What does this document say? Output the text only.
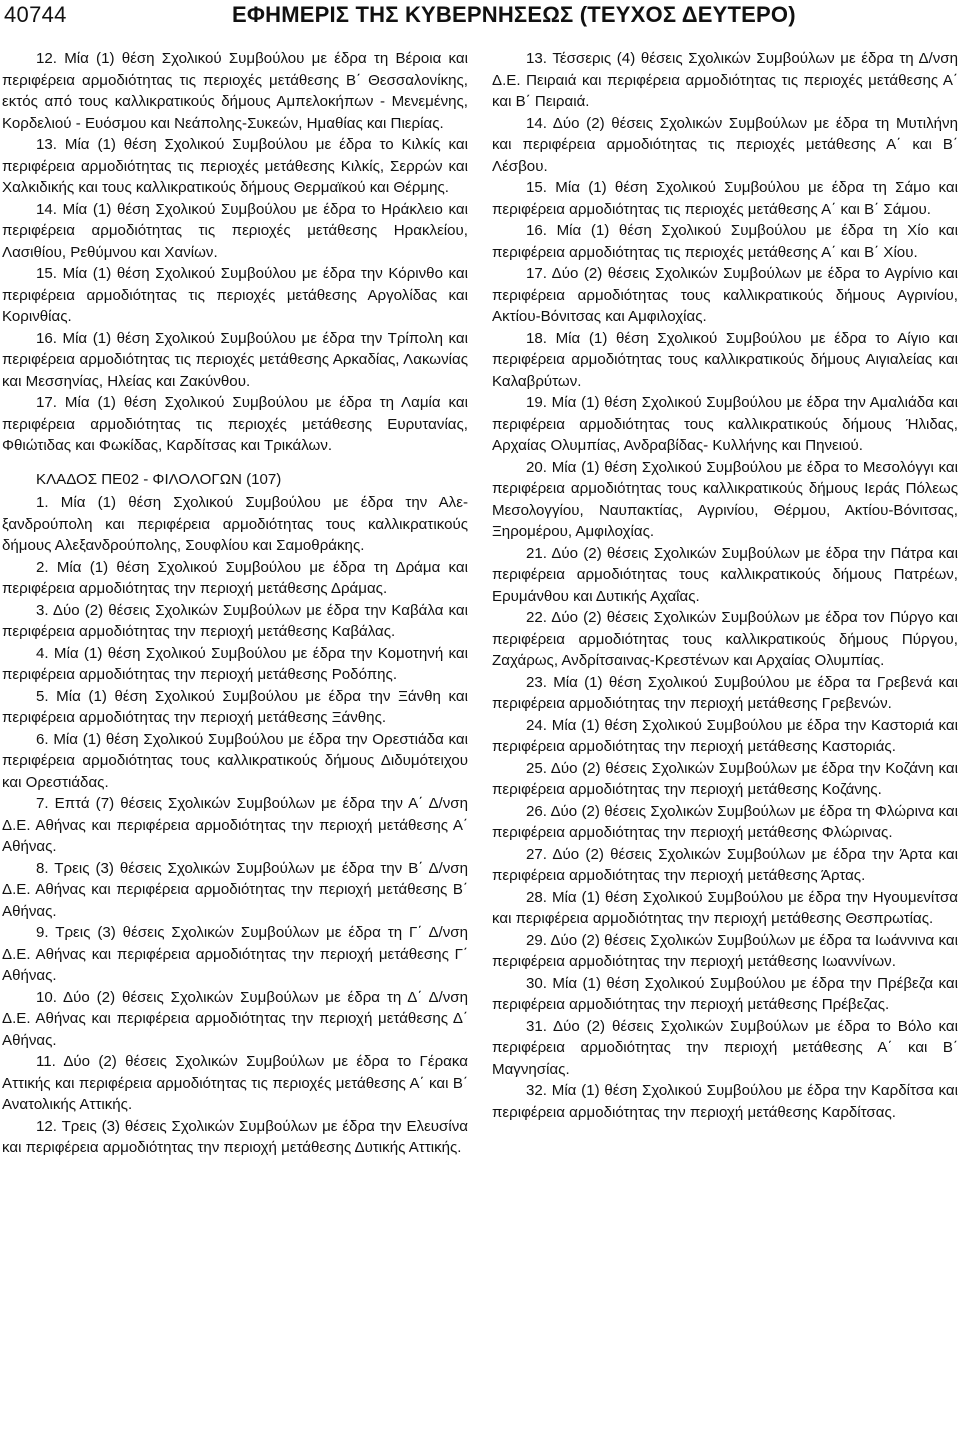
40744	ΕΦΗΜΕΡΙΣ ΤΗΣ ΚΥΒΕΡΝΗΣΕΩΣ (ΤΕΥΧΟΣ ΔΕΥΤΕΡΟ)

12. Μία (1) θέση Σχολικού Συμβούλου με έδρα τη Βέροια και περιφέρεια αρμοδιότητας τις περιοχές μετάθεσης Β΄ Θεσσαλονίκης, εκτός από τους καλλικρατικούς δήμους Αμπελοκήπων ‑ Μενεμένης, Κορδελιού ‑ Ευόσμου και Νεάπολης‑Συκεών, Ημαθίας και Πιερίας.

13. Μία (1) θέση Σχολικού Συμβούλου με έδρα το Κιλκίς και περιφέρεια αρμοδιότητας τις περιοχές μετάθεσης Κιλκίς, Σερρών και Χαλκιδικής και τους καλλικρατικούς δήμους Θερμαϊκού και Θέρμης.

14. Μία (1) θέση Σχολικού Συμβούλου με έδρα το Ηράκλειο και περιφέρεια αρμοδιότητας τις περιοχές μετάθεσης Ηρακλείου, Λασιθίου, Ρεθύμνου και Χανίων.

15. Μία (1) θέση Σχολικού Συμβούλου με έδρα την Κόρινθο και περιφέρεια αρμοδιότητας τις περιοχές μετάθεσης Αργολίδας και Κορινθίας.

16. Μία (1) θέση Σχολικού Συμβούλου με έδρα την Τρίπολη και περιφέρεια αρμοδιότητας τις περιοχές μετάθεσης Αρκαδίας, Λακωνίας και Μεσσηνίας, Ηλείας και Ζακύνθου.

17. Μία (1) θέση Σχολικού Συμβούλου με έδρα τη Λαμία και περιφέρεια αρμοδιότητας τις περιοχές μετάθεσης Ευρυτανίας, Φθιώτιδας και Φωκίδας, Καρδίτσας και Τρικάλων.

ΚΛΑΔΟΣ ΠΕ02 ‑ ΦΙΛΟΛΟΓΩΝ (107)

1. Μία (1) θέση Σχολικού Συμβούλου με έδρα την Αλεξανδρούπολη και περιφέρεια αρμοδιότητας τους καλλικρατικούς δήμους Αλεξανδρούπολης, Σουφλίου και Σαμοθράκης.

2. Μία (1) θέση Σχολικού Συμβούλου με έδρα τη Δράμα και περιφέρεια αρμοδιότητας την περιοχή μετάθεσης Δράμας.

3. Δύο (2) θέσεις Σχολικών Συμβούλων με έδρα την Καβάλα και περιφέρεια αρμοδιότητας την περιοχή μετάθεσης Καβάλας.

4. Μία (1) θέση Σχολικού Συμβούλου με έδρα την Κομοτηνή και περιφέρεια αρμοδιότητας την περιοχή μετάθεσης Ροδόπης.

5. Μία (1) θέση Σχολικού Συμβούλου με έδρα την Ξάνθη και περιφέρεια αρμοδιότητας την περιοχή μετάθεσης Ξάνθης.

6. Μία (1) θέση Σχολικού Συμβούλου με έδρα την Ορεστιάδα και περιφέρεια αρμοδιότητας τους καλλικρατικούς δήμους Διδυμότειχου και Ορεστιάδας.

7. Επτά (7) θέσεις Σχολικών Συμβούλων με έδρα την Α΄ Δ/νση Δ.Ε. Αθήνας και περιφέρεια αρμοδιότητας την περιοχή μετάθεσης Α΄ Αθήνας.

8. Τρεις (3) θέσεις Σχολικών Συμβούλων με έδρα την Β΄ Δ/νση Δ.Ε. Αθήνας και περιφέρεια αρμοδιότητας την περιοχή μετάθεσης Β΄ Αθήνας.

9. Τρεις (3) θέσεις Σχολικών Συμβούλων με έδρα τη Γ΄ Δ/νση Δ.Ε. Αθήνας και περιφέρεια αρμοδιότητας την περιοχή μετάθεσης Γ΄ Αθήνας.

10. Δύο (2) θέσεις Σχολικών Συμβούλων με έδρα τη Δ΄ Δ/νση Δ.Ε. Αθήνας και περιφέρεια αρμοδιότητας την περιοχή μετάθεσης Δ΄ Αθήνας.

11. Δύο (2) θέσεις Σχολικών Συμβούλων με έδρα το Γέρακα Αττικής και περιφέρεια αρμοδιότητας τις περιοχές μετάθεσης Α΄ και Β΄ Ανατολικής Αττικής.

12. Τρεις (3) θέσεις Σχολικών Συμβούλων με έδρα την Ελευσίνα και περιφέρεια αρμοδιότητας την περιοχή μετάθεσης Δυτικής Αττικής.

13. Τέσσερις (4) θέσεις Σχολικών Συμβούλων με έδρα τη Δ/νση Δ.Ε. Πειραιά και περιφέρεια αρμοδιότητας τις περιοχές μετάθεσης Α΄ και Β΄ Πειραιά.

14. Δύο (2) θέσεις Σχολικών Συμβούλων με έδρα τη Μυτιλήνη και περιφέρεια αρμοδιότητας τις περιοχές μετάθεσης Α΄ και Β΄ Λέσβου.

15. Μία (1) θέση Σχολικού Συμβούλου με έδρα τη Σάμο και περιφέρεια αρμοδιότητας τις περιοχές μετάθεσης Α΄ και Β΄ Σάμου.

16. Μία (1) θέση Σχολικού Συμβούλου με έδρα τη Χίο και περιφέρεια αρμοδιότητας τις περιοχές μετάθεσης Α΄ και Β΄ Χίου.

17. Δύο (2) θέσεις Σχολικών Συμβούλων με έδρα το Αγρίνιο και περιφέρεια αρμοδιότητας τους καλλικρατικούς δήμους Αγρινίου, Ακτίου‑Βόνιτσας και Αμφιλοχίας.

18. Μία (1) θέση Σχολικού Συμβούλου με έδρα το Αίγιο και περιφέρεια αρμοδιότητας τους καλλικρατικούς δήμους Αιγιαλείας και Καλαβρύτων.

19. Μία (1) θέση Σχολικού Συμβούλου με έδρα την Αμαλιάδα και περιφέρεια αρμοδιότητας τους καλλικρατικούς δήμους Ήλιδας, Αρχαίας Ολυμπίας, Ανδραβίδας‑ Κυλλήνης και Πηνειού.

20. Μία (1) θέση Σχολικού Συμβούλου με έδρα το Μεσολόγγι και περιφέρεια αρμοδιότητας τους καλλικρατικούς δήμους Ιεράς Πόλεως Μεσολογγίου, Ναυπακτίας, Αγρινίου, Θέρμου, Ακτίου‑Βόνιτσας, Ξηρομέρου, Αμφιλοχίας.

21. Δύο (2) θέσεις Σχολικών Συμβούλων με έδρα την Πάτρα και περιφέρεια αρμοδιότητας τους καλλικρατικούς δήμους Πατρέων, Ερυμάνθου και Δυτικής Αχαΐας.

22. Δύο (2) θέσεις Σχολικών Συμβούλων με έδρα τον Πύργο και περιφέρεια αρμοδιότητας τους καλλικρατικούς δήμους Πύργου, Ζαχάρως, Ανδρίτσαινας‑Κρεστένων και Αρχαίας Ολυμπίας.

23. Μία (1) θέση Σχολικού Συμβούλου με έδρα τα Γρεβενά και περιφέρεια αρμοδιότητας την περιοχή μετάθεσης Γρεβενών.

24. Μία (1) θέση Σχολικού Συμβούλου με έδρα την Καστοριά και περιφέρεια αρμοδιότητας την περιοχή μετάθεσης Καστοριάς.

25. Δύο (2) θέσεις Σχολικών Συμβούλων με έδρα την Κοζάνη και περιφέρεια αρμοδιότητας την περιοχή μετάθεσης Κοζάνης.

26. Δύο (2) θέσεις Σχολικών Συμβούλων με έδρα τη Φλώρινα και περιφέρεια αρμοδιότητας την περιοχή μετάθεσης Φλώρινας.

27. Δύο (2) θέσεις Σχολικών Συμβούλων με έδρα την Άρτα και περιφέρεια αρμοδιότητας την περιοχή μετάθεσης Άρτας.

28. Μία (1) θέση Σχολικού Συμβούλου με έδρα την Ηγουμενίτσα και περιφέρεια αρμοδιότητας την περιοχή μετάθεσης Θεσπρωτίας.

29. Δύο (2) θέσεις Σχολικών Συμβούλων με έδρα τα Ιωάννινα και περιφέρεια αρμοδιότητας την περιοχή μετάθεσης Ιωαννίνων.

30. Μία (1) θέση Σχολικού Συμβούλου με έδρα την Πρέβεζα και περιφέρεια αρμοδιότητας την περιοχή μετάθεσης Πρέβεζας.

31. Δύο (2) θέσεις Σχολικών Συμβούλων με έδρα το Βόλο και περιφέρεια αρμοδιότητας την περιοχή μετάθεσης Α΄ και Β΄ Μαγνησίας.

32. Μία (1) θέση Σχολικού Συμβούλου με έδρα την Καρδίτσα και περιφέρεια αρμοδιότητας την περιοχή μετάθεσης Καρδίτσας.
